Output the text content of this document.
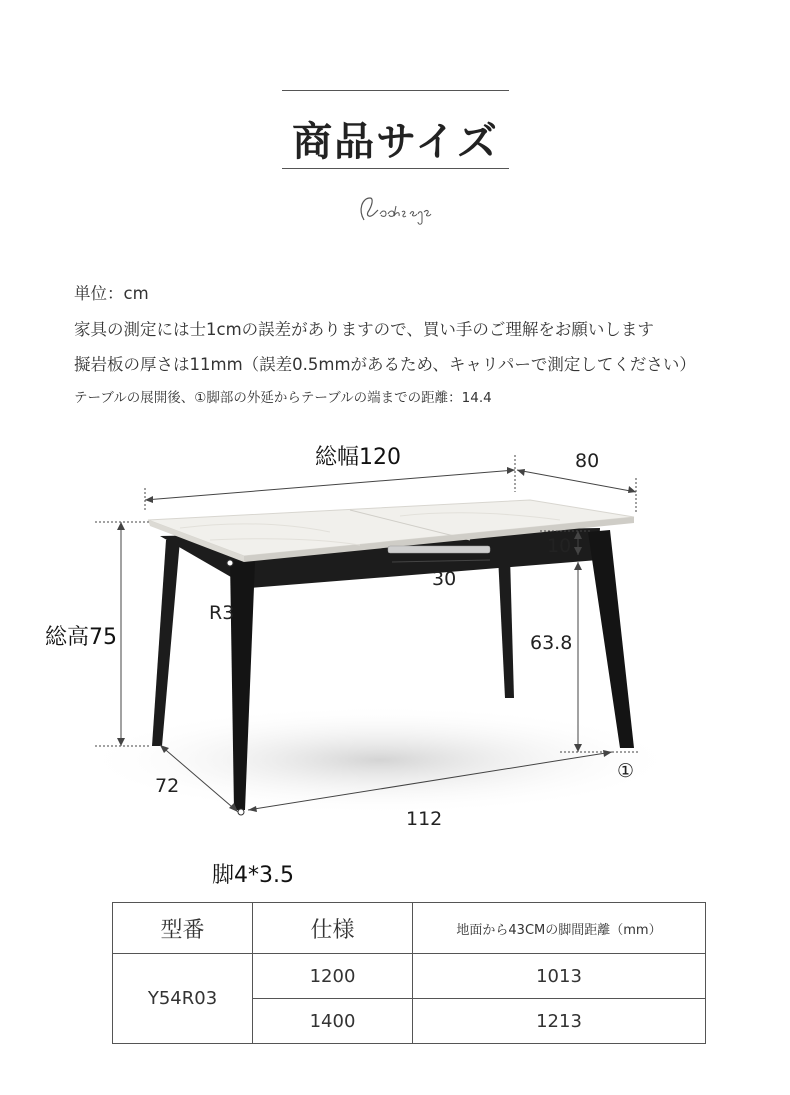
商品サイズ
単位：cm
家具の測定には士1cmの誤差がありますので、買い手のご理解をお願いします
擬岩板の厚さは11mm（誤差0.5mmがあるため、キャリパーで測定してください）
テーブルの展開後、①脚部の外延からテーブルの端までの距離：14.4
総幅120	80
総高75
10
30
R3
63.8
72
112
①
脚4*3.5
型番	仕様	地面から43CMの脚間距離（mm）
Y54R03	1200	1013
	1400	1213
